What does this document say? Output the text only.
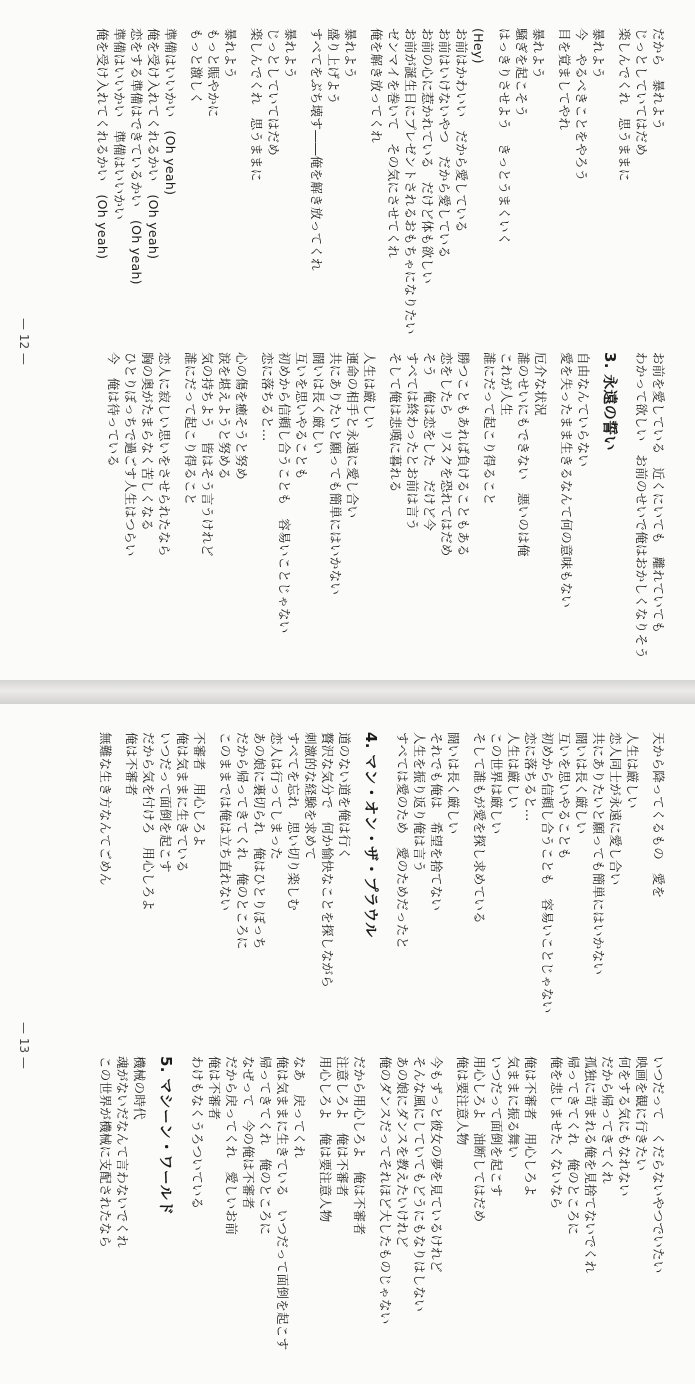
だから　暴れよう
じっとしていてはだめ
楽しんでくれ　思うままに
暴れよう
今　やるべきことをやろう
目を覚ましてやれ
暴れよう
騒ぎを起こそう
はっきりさせよう　きっとうまくいく
(Hey)
お前はかわいい　だから愛している
お前はいけないやつ　だから愛している
お前の心に惹かれている　だけど体も欲しい
お前が誕生日にプレゼントされるおもちゃになりたい
ゼンマイを巻いて　その気にさせてくれ
俺を解き放ってくれ
暴れよう
盛り上げよう
すべてをぶち壊す――俺を解き放ってくれ
暴れよう
じっとしていてはだめ
楽しんでくれ　思うままに
暴れよう
もっと賑やかに
もっと激しく
準備はいいかい　(Oh yeah)
俺を受け入れてくれるかい　(Oh yeah)
恋をする準備はできているかい　(Oh yeah)
準備はいいかい　準備はいいかい
俺を受け入れてくれるかい　(Oh yeah)
お前を愛している　近くにいても　離れていても
わかって欲しい　お前のせいで俺はおかしくなりそう
3. 永遠の誓い
自由なんていらない
愛を失ったまま生きるなんて何の意味もない
厄介な状況
誰のせいにもできない　悪いのは俺
これが人生
誰にだって起こり得ること
勝つこともあれば負けることもある
恋をしたら　リスクを恐れてはだめ
そう　俺は恋をした　だけど今
すべては終わったとお前は言う
そして俺は悲嘆に暮れる
人生は厳しい
運命の相手と永遠に愛し合い
共にありたいと願っても簡単にはいかない
闘いは長く厳しい
互いを思いやることも
初めから信頼し合うことも　容易いことじゃない
恋に落ちると…
心の傷を癒そうと努め
涙を堪えようと努める
気の持ちよう　皆はそう言うけれど
誰にだって起こり得ること
恋人に寂しい思いをさせられたなら
胸の奥がたまらなく苦しくなる
ひとりぼっちで過ごす人生はつらい
今　俺は待っている
— 12 —
天から降ってくるもの　愛を
人生は厳しい
恋人同士が永遠に愛し合い
共にありたいと願っても簡単にはいかない
闘いは長く厳しい
互いを思いやることも
初めから信頼し合うことも　容易いことじゃない
恋に落ちると…
人生は厳しい
この世界は厳しい
そして誰もが愛を探し求めている
闘いは長く厳しい
それでも俺は　希望を捨てない
人生を振り返り俺は言う
すべては愛のため　愛のためだったと
4. マン・オン・ザ・プラウル
道のない道を俺は行く
贅沢な気分で　何か愉快なことを探しながら
刺激的な経験を求めて
すべてを忘れ　思い切り楽しむ
恋人は行ってしまった
あの娘に裏切られ　俺はひとりぼっち
だから帰ってきてくれ　俺のところに
このままでは俺は立ち直れない
不審者　用心しろよ
俺は気ままに生きている
いつだって面倒を起こす
だから気を付けろ　用心しろよ
俺は不審者
無難な生き方なんてごめん
いつだって　くだらないやつでいたい
映画を観に行きたい
何をする気にもなれない
だから帰ってきてくれ
孤独に苛まれる俺を見捨てないでくれ
帰ってきてくれ　俺のところに
俺を悲しませたくないなら
俺は不審者　用心しろよ
気ままに振る舞い
いつだって面倒を起こす
用心しろよ　油断してはだめ
俺は要注意人物
今もずっと彼女の夢を見ているけれど
そんな風にしていてもどうにもなりはしない
あの娘にダンスを教えたいけれど
俺のダンスだってそれほど大したものじゃない
だから用心しろよ　俺は不審者
注意しろよ　俺は不審者
用心しろよ　俺は要注意人物
なあ　戻ってくれ
俺は気ままに生きている　いつだって面倒を起こす
帰ってきてくれ　俺のところに
なぜって　今の俺は不審者
だから戻ってくれ　愛しいお前
俺は不審者
わけもなくうろついている
5. マシーン・ワールド
機械の時代
魂がないだなんて言わないでくれ
この世界が機械に支配されたなら
— 13 —
